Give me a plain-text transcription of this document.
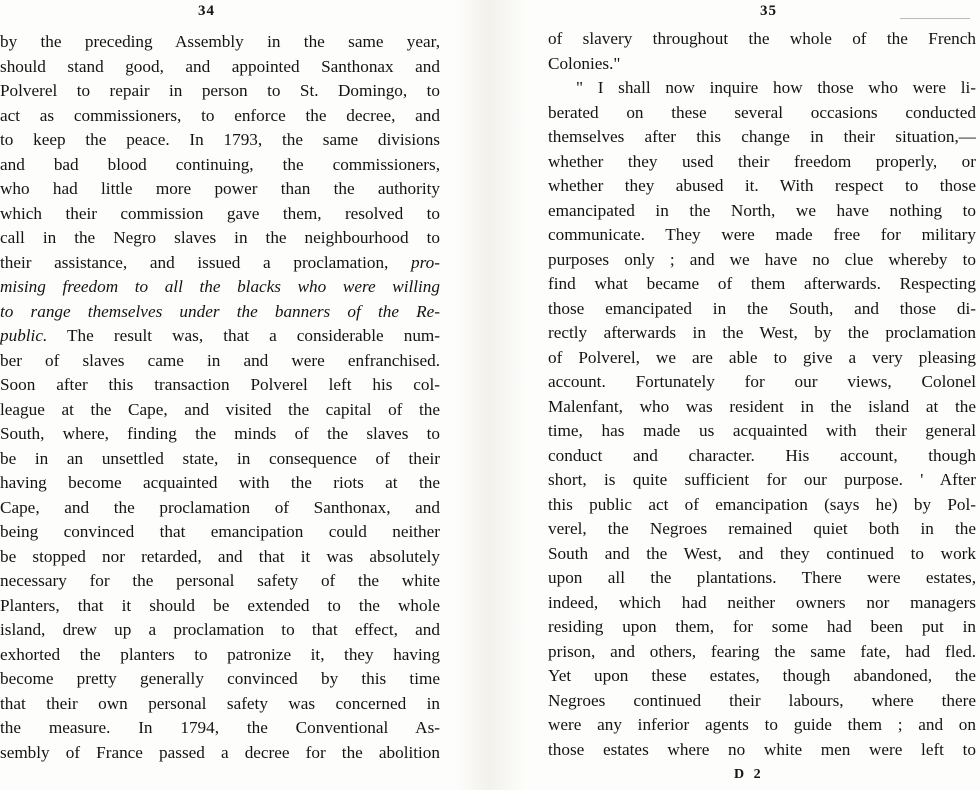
34
by the preceding Assembly in the same year,
should stand good, and appointed Santhonax and
Polverel to repair in person to St. Domingo, to
act as commissioners, to enforce the decree, and
to keep the peace. In 1793, the same divisions
and bad blood continuing, the commissioners,
who had little more power than the authority
which their commission gave them, resolved to
call in the Negro slaves in the neighbourhood to
their assistance, and issued a proclamation, pro-
mising freedom to all the blacks who were willing
to range themselves under the banners of the Re-
public. The result was, that a considerable num-
ber of slaves came in and were enfranchised.
Soon after this transaction Polverel left his col-
league at the Cape, and visited the capital of the
South, where, finding the minds of the slaves to
be in an unsettled state, in consequence of their
having become acquainted with the riots at the
Cape, and the proclamation of Santhonax, and
being convinced that emancipation could neither
be stopped nor retarded, and that it was absolutely
necessary for the personal safety of the white
Planters, that it should be extended to the whole
island, drew up a proclamation to that effect, and
exhorted the planters to patronize it, they having
become pretty generally convinced by this time
that their own personal safety was concerned in
the measure. In 1794, the Conventional As-
sembly of France passed a decree for the abolition
35
of slavery throughout the whole of the French
Colonies."
" I shall now inquire how those who were li-
berated on these several occasions conducted
themselves after this change in their situation,—
whether they used their freedom properly, or
whether they abused it. With respect to those
emancipated in the North, we have nothing to
communicate. They were made free for military
purposes only ; and we have no clue whereby to
find what became of them afterwards. Respecting
those emancipated in the South, and those di-
rectly afterwards in the West, by the proclamation
of Polverel, we are able to give a very pleasing
account. Fortunately for our views, Colonel
Malenfant, who was resident in the island at the
time, has made us acquainted with their general
conduct and character. His account, though
short, is quite sufficient for our purpose. ' After
this public act of emancipation (says he) by Pol-
verel, the Negroes remained quiet both in the
South and the West, and they continued to work
upon all the plantations. There were estates,
indeed, which had neither owners nor managers
residing upon them, for some had been put in
prison, and others, fearing the same fate, had fled.
Yet upon these estates, though abandoned, the
Negroes continued their labours, where there
were any inferior agents to guide them ; and on
those estates where no white men were left to
D 2
